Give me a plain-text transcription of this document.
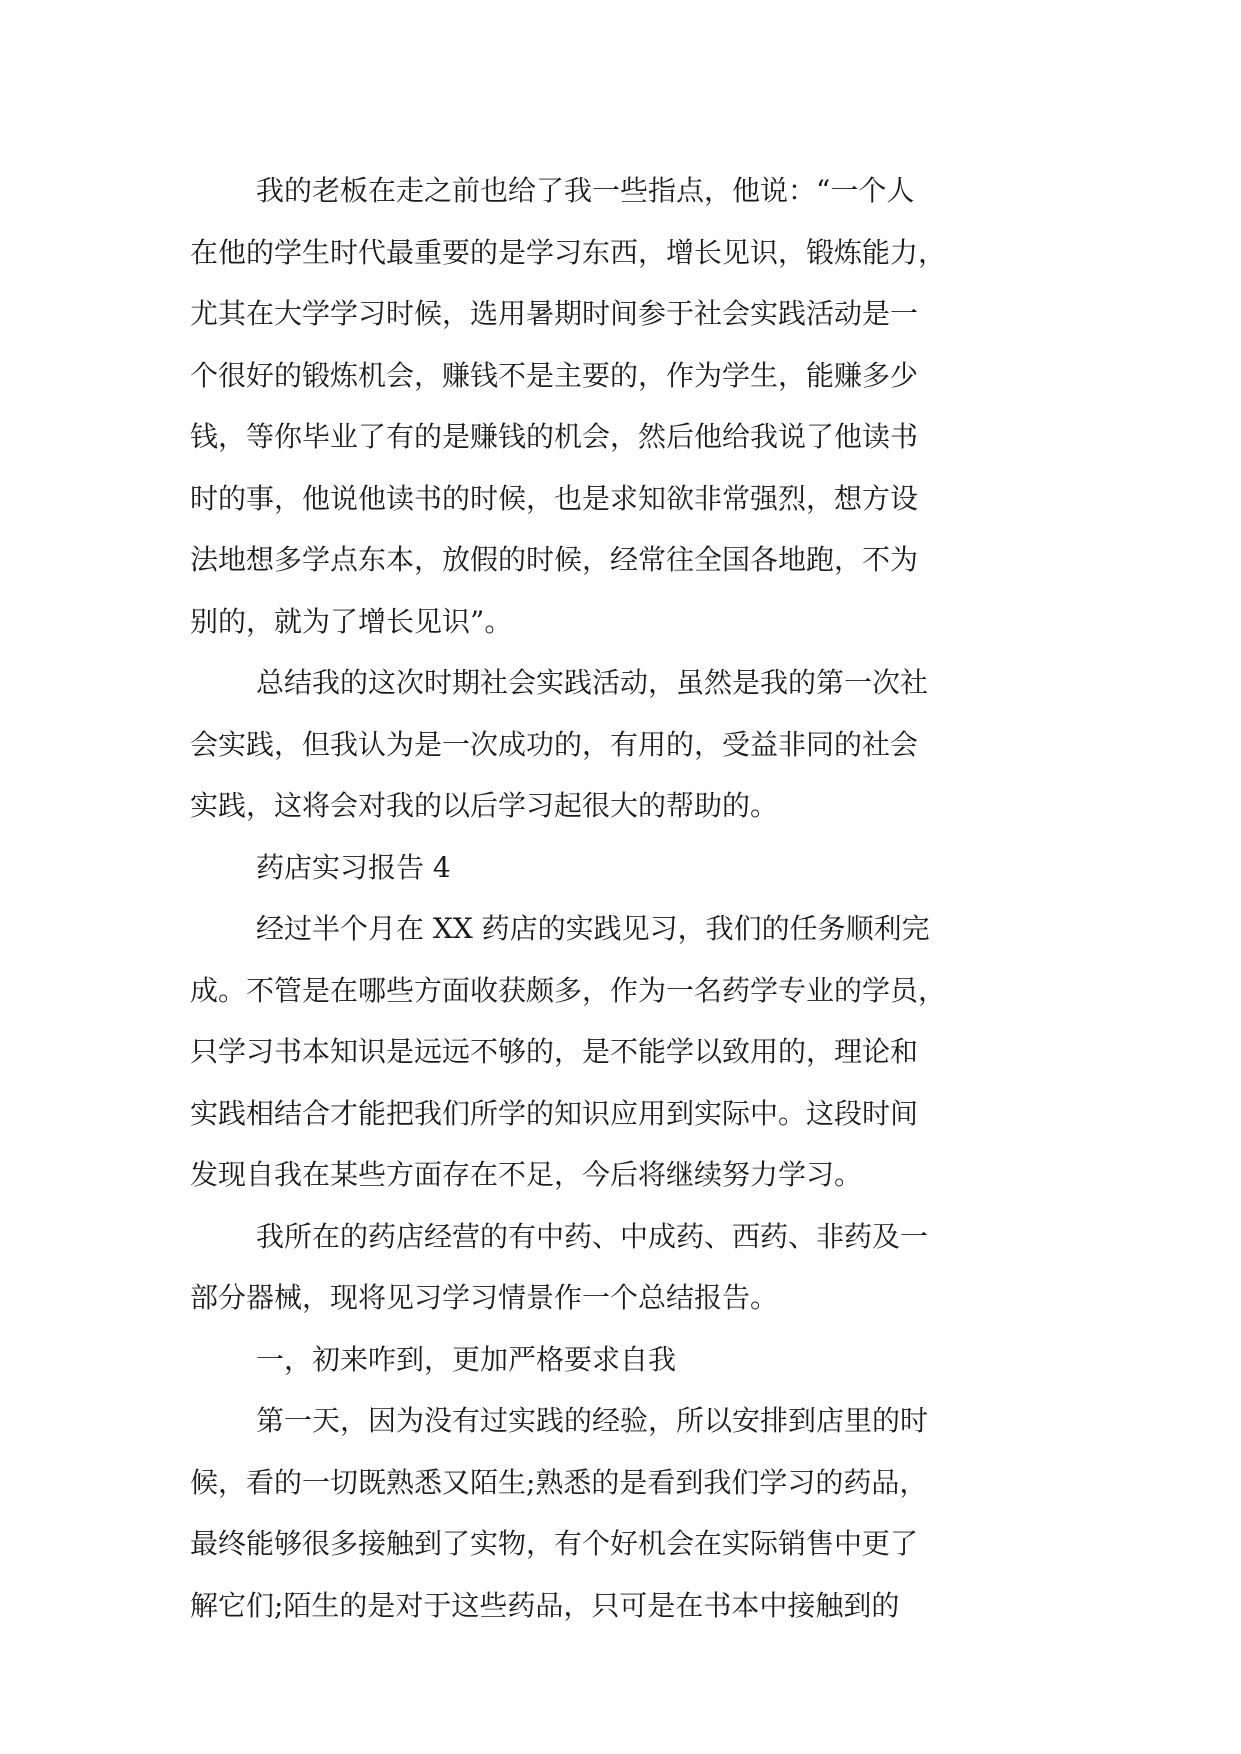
我的老板在走之前也给了我一些指点，他说：“一个人
在他的学生时代最重要的是学习东西，增长见识，锻炼能力，
尤其在大学学习时候，选用暑期时间参于社会实践活动是一
个很好的锻炼机会，赚钱不是主要的，作为学生，能赚多少
钱，等你毕业了有的是赚钱的机会，然后他给我说了他读书
时的事，他说他读书的时候，也是求知欲非常强烈，想方设
法地想多学点东本，放假的时候，经常往全国各地跑，不为
别的，就为了增长见识”。
总结我的这次时期社会实践活动，虽然是我的第一次社
会实践，但我认为是一次成功的，有用的，受益非同的社会
实践，这将会对我的以后学习起很大的帮助的。
药店实习报告 4
经过半个月在 XX 药店的实践见习，我们的任务顺利完
成。不管是在哪些方面收获颇多，作为一名药学专业的学员，
只学习书本知识是远远不够的，是不能学以致用的，理论和
实践相结合才能把我们所学的知识应用到实际中。这段时间
发现自我在某些方面存在不足，今后将继续努力学习。
我所在的药店经营的有中药、中成药、西药、非药及一
部分器械，现将见习学习情景作一个总结报告。
一，初来咋到，更加严格要求自我
第一天，因为没有过实践的经验，所以安排到店里的时
候，看的一切既熟悉又陌生;熟悉的是看到我们学习的药品，
最终能够很多接触到了实物，有个好机会在实际销售中更了
解它们;陌生的是对于这些药品，只可是在书本中接触到的
